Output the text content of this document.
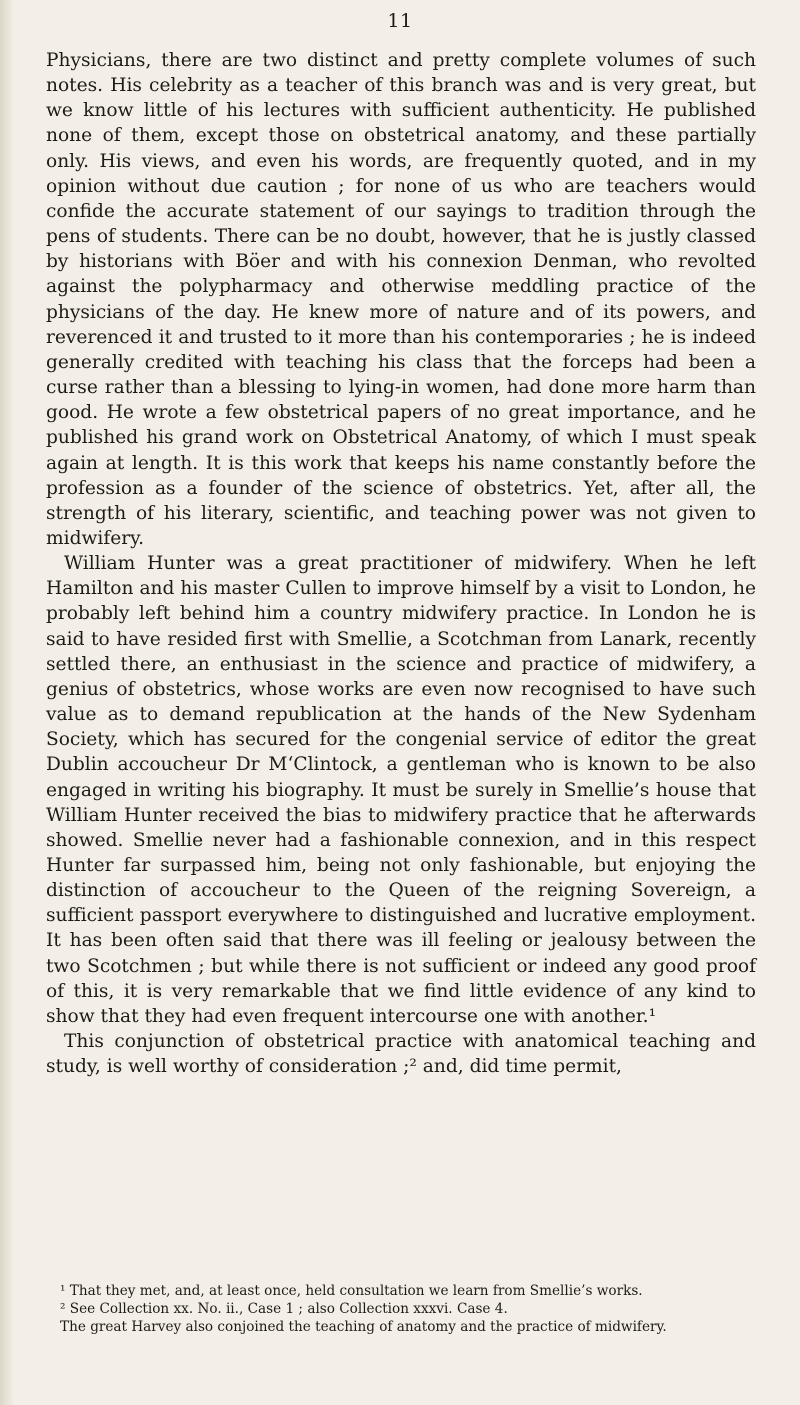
11

Physicians, there are two distinct and pretty complete volumes of such notes. His celebrity as a teacher of this branch was and is very great, but we know little of his lectures with sufficient authenticity. He published none of them, except those on obstetrical anatomy, and these partially only. His views, and even his words, are frequently quoted, and in my opinion without due caution ; for none of us who are teachers would confide the accurate statement of our sayings to tradition through the pens of students. There can be no doubt, however, that he is justly classed by historians with Böer and with his connexion Denman, who revolted against the polypharmacy and otherwise meddling practice of the physicians of the day. He knew more of nature and of its powers, and reverenced it and trusted to it more than his contemporaries ; he is indeed generally credited with teaching his class that the forceps had been a curse rather than a blessing to lying-in women, had done more harm than good. He wrote a few obstetrical papers of no great importance, and he published his grand work on Obstetrical Anatomy, of which I must speak again at length. It is this work that keeps his name constantly before the profession as a founder of the science of obstetrics. Yet, after all, the strength of his literary, scientific, and teaching power was not given to midwifery.

William Hunter was a great practitioner of midwifery. When he left Hamilton and his master Cullen to improve himself by a visit to London, he probably left behind him a country midwifery practice. In London he is said to have resided first with Smellie, a Scotchman from Lanark, recently settled there, an enthusiast in the science and practice of midwifery, a genius of obstetrics, whose works are even now recognised to have such value as to demand republication at the hands of the New Sydenham Society, which has secured for the congenial service of editor the great Dublin accoucheur Dr M‘Clintock, a gentleman who is known to be also engaged in writing his biography. It must be surely in Smellie’s house that William Hunter received the bias to midwifery practice that he afterwards showed. Smellie never had a fashionable connexion, and in this respect Hunter far surpassed him, being not only fashionable, but enjoying the distinction of accoucheur to the Queen of the reigning Sovereign, a sufficient passport everywhere to distinguished and lucrative employment. It has been often said that there was ill feeling or jealousy between the two Scotchmen ; but while there is not sufficient or indeed any good proof of this, it is very remarkable that we find little evidence of any kind to show that they had even frequent intercourse one with another.¹

This conjunction of obstetrical practice with anatomical teaching and study, is well worthy of consideration ;² and, did time permit,

¹ That they met, and, at least once, held consultation we learn from Smellie’s works.

² See Collection xx. No. ii., Case 1 ; also Collection xxxvi. Case 4.

The great Harvey also conjoined the teaching of anatomy and the practice of midwifery.
